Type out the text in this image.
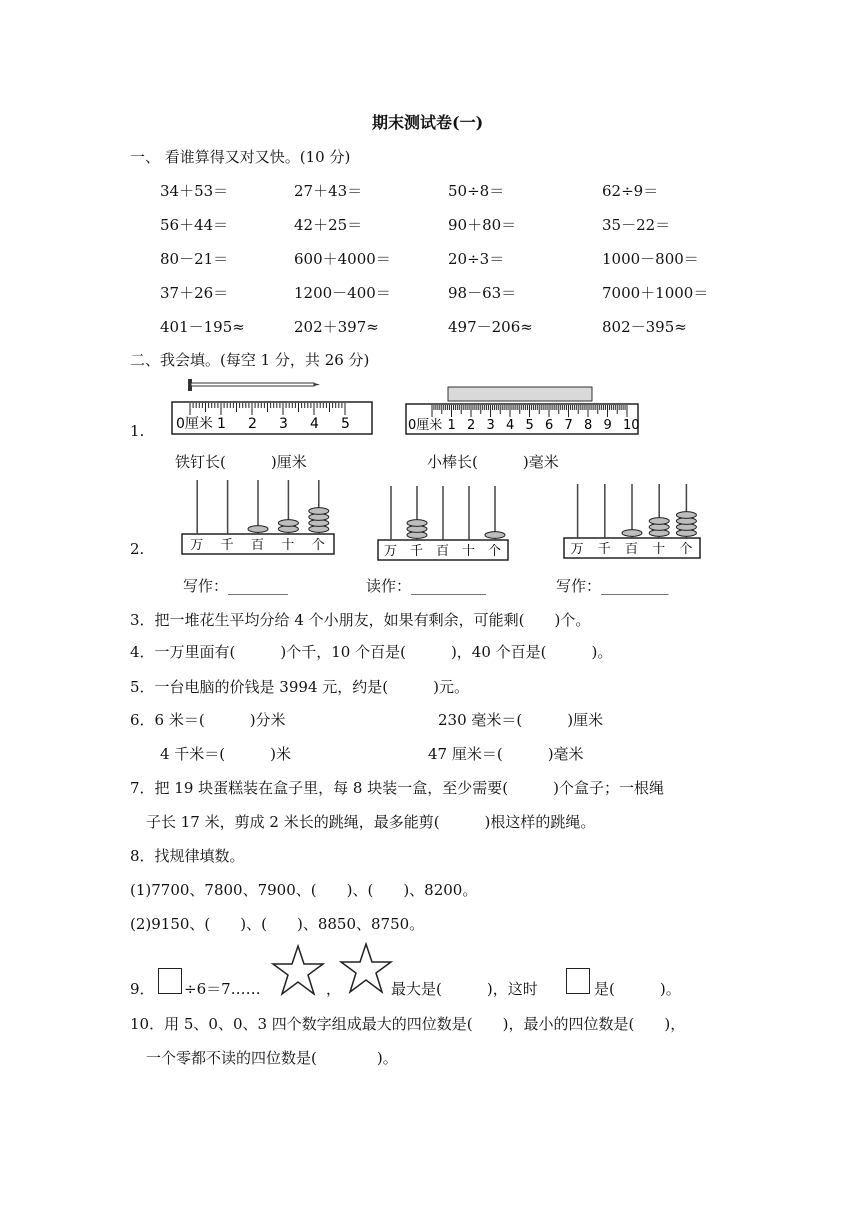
期末测试卷(一)
一、 看谁算得又对又快。(10 分)
34＋53＝	27＋43＝	50÷8＝	62÷9＝
56＋44＝	42＋25＝	90＋80＝	35－22＝
80－21＝	600＋4000＝	20÷3＝	1000－800＝
37＋26＝	1200－400＝	98－63＝	7000＋1000＝
401－195≈	202＋397≈	497－206≈	802－395≈
二、我会填。(每空 1 分，共 26 分)
1.	1 2 3 4 5
0厘米	1 2 3 4 5 6 7 8 9 10
0厘米
铁钉长(　　　)厘米	小棒长(　　　)毫米
2.	万 千 百 十 个	万 千 百 十 个	万 千 百 十 个
写作：________	读作：__________	写作：_________
3．把一堆花生平均分给 4 个小朋友，如果有剩余，可能剩(　　)个。
4．一万里面有(　　　)个千，10 个百是(　　　)，40 个百是(　　　)。
5．一台电脑的价钱是 3994 元，约是(　　　)元。
6．6 米＝(　　　)分米	230 毫米＝(　　　)厘米
4 千米＝(　　　)米	47 厘米＝(　　　)毫米
7．把 19 块蛋糕装在盒子里，每 8 块装一盒，至少需要(　　　)个盒子；一根绳
子长 17 米，剪成 2 米长的跳绳，最多能剪(　　　)根这样的跳绳。
8．找规律填数。
(1)7700、7800、7900、(　　)、(　　)、8200。
(2)9150、(　　)、(　　)、8850、8750。
9． ÷6＝7……	，	最大是(　　　)，这时	是(　　　)。
10．用 5、0、0、3 四个数字组成最大的四位数是(　　)，最小的四位数是(　　)，
一个零都不读的四位数是(　　　　)。
